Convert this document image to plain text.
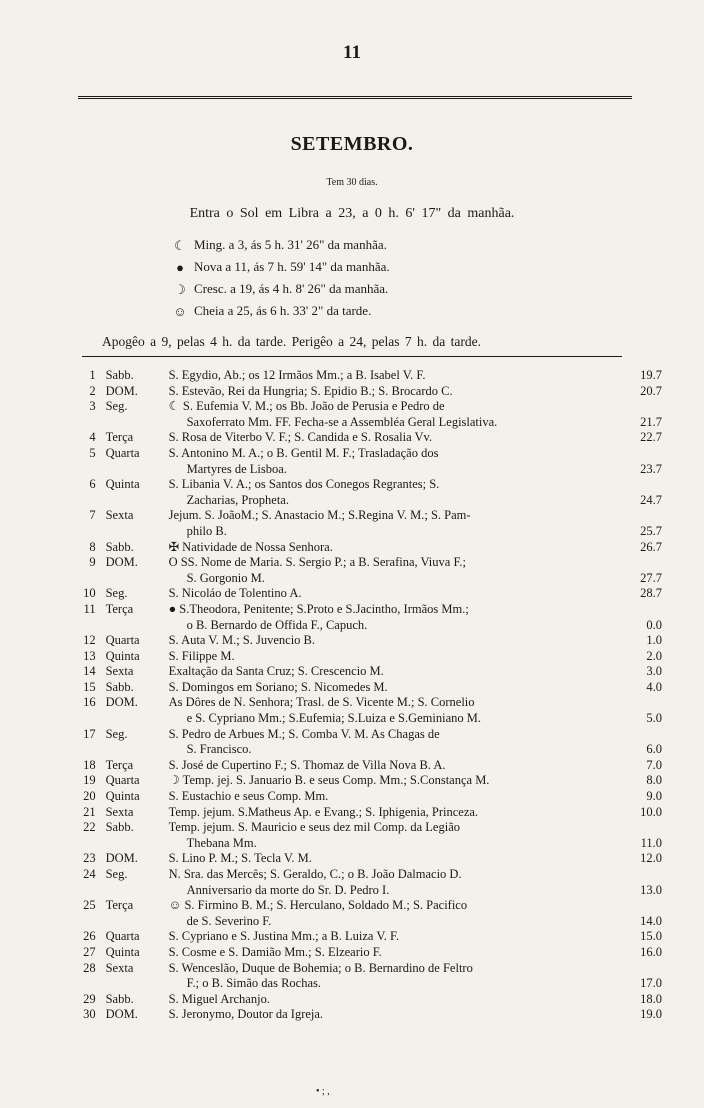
11
SETEMBRO.
Tem 30 dias.
Entra o Sol em Libra a 23, a 0 h. 6' 17" da manhãa.
☾ Ming. a 3, ás 5 h. 31' 26" da manhãa.
● Nova a 11, ás 7 h. 59' 14" da manhãa.
☽ Cresc. a 19, ás 4 h. 8' 26" da manhãa.
☺ Cheia a 25, ás 6 h. 33' 2" da tarde.
Apogêo a 9, pelas 4 h. da tarde. Perigêo a 24, pelas 7 h. da tarde.
1	Sabb.	S. Egydio, Ab.; os 12 Irmãos Mm.; a B. Isabel V. F.	19.7
2	DOM.	S. Estevão, Rei da Hungria; S. Epidio B.; S. Brocardo C.	20.7
3	Seg.	☾ S. Eufemia V. M.; os Bb. João de Perusia e Pedro de
Saxoferrato Mm. FF. Fecha-se a Assembléa Geral Legislativa.	21.7
4	Terça	S. Rosa de Viterbo V. F.; S. Candida e S. Rosalia Vv.	22.7
5	Quarta	S. Antonino M. A.; o B. Gentil M. F.; Trasladação dos
Martyres de Lisboa.	23.7
6	Quinta	S. Libania V. A.; os Santos dos Conegos Regrantes; S.
Zacharias, Propheta.	24.7
7	Sexta	Jejum. S. JoãoM.; S. Anastacio M.; S.Regina V. M.; S. Pam-
philo B.	25.7
8	Sabb.	✠ Natividade de Nossa Senhora.	26.7
9	DOM.	O SS. Nome de Maria. S. Sergio P.; a B. Serafina, Viuva F.;
S. Gorgonio M.	27.7
10	Seg.	S. Nicoláo de Tolentino A.	28.7
11	Terça	● S.Theodora, Penitente; S.Proto e S.Jacintho, Irmãos Mm.;
o B. Bernardo de Offida F., Capuch.	0.0
12	Quarta	S. Auta V. M.; S. Juvencio B.	1.0
13	Quinta	S. Filippe M.	2.0
14	Sexta	Exaltação da Santa Cruz; S. Crescencio M.	3.0
15	Sabb.	S. Domingos em Soriano; S. Nicomedes M.	4.0
16	DOM.	As Dôres de N. Senhora; Trasl. de S. Vicente M.; S. Cornelio
e S. Cypriano Mm.; S.Eufemia; S.Luiza e S.Geminiano M.	5.0
17	Seg.	S. Pedro de Arbues M.; S. Comba V. M. As Chagas de
S. Francisco.	6.0
18	Terça	S. José de Cupertino F.; S. Thomaz de Villa Nova B. A.	7.0
19	Quarta	☽ Temp. jej. S. Januario B. e seus Comp. Mm.; S.Constança M.	8.0
20	Quinta	S. Eustachio e seus Comp. Mm.	9.0
21	Sexta	Temp. jejum. S.Matheus Ap. e Evang.; S. Iphigenia, Princeza.	10.0
22	Sabb.	Temp. jejum. S. Mauricio e seus dez mil Comp. da Legião
Thebana Mm.	11.0
23	DOM.	S. Lino P. M.; S. Tecla V. M.	12.0
24	Seg.	N. Sra. das Mercês; S. Geraldo, C.; o B. João Dalmacio D.
Anniversario da morte do Sr. D. Pedro I.	13.0
25	Terça	☺ S. Firmino B. M.; S. Herculano, Soldado M.; S. Pacifico
de S. Severino F.	14.0
26	Quarta	S. Cypriano e S. Justina Mm.; a B. Luiza V. F.	15.0
27	Quinta	S. Cosme e S. Damião Mm.; S. Elzeario F.	16.0
28	Sexta	S. Wenceslão, Duque de Bohemia; o B. Bernardino de Feltro
F.; o B. Simão das Rochas.	17.0
29	Sabb.	S. Miguel Archanjo.	18.0
30	DOM.	S. Jeronymo, Doutor da Igreja.	19.0
• ; ,
